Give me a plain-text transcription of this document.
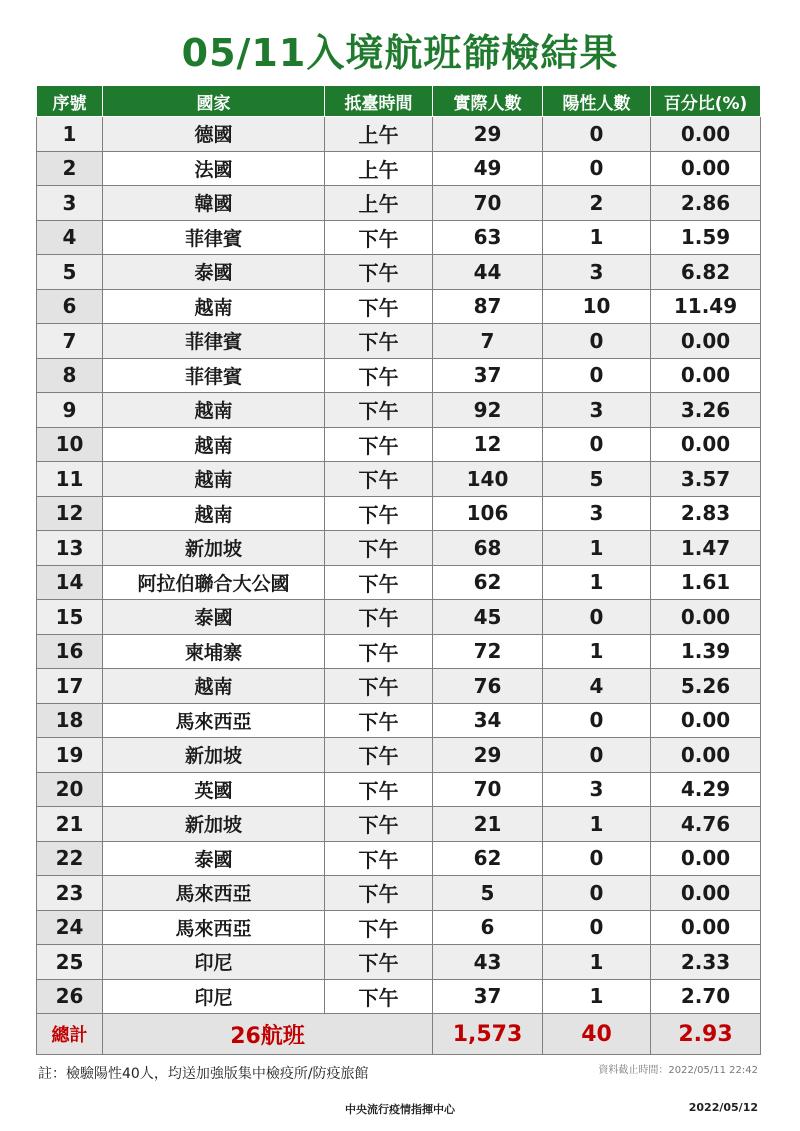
05/11入境航班篩檢結果
序號	國家	抵臺時間	實際人數	陽性人數	百分比(%)
1	德國	上午	29	0	0.00
2	法國	上午	49	0	0.00
3	韓國	上午	70	2	2.86
4	菲律賓	下午	63	1	1.59
5	泰國	下午	44	3	6.82
6	越南	下午	87	10	11.49
7	菲律賓	下午	7	0	0.00
8	菲律賓	下午	37	0	0.00
9	越南	下午	92	3	3.26
10	越南	下午	12	0	0.00
11	越南	下午	140	5	3.57
12	越南	下午	106	3	2.83
13	新加坡	下午	68	1	1.47
14	阿拉伯聯合大公國	下午	62	1	1.61
15	泰國	下午	45	0	0.00
16	柬埔寨	下午	72	1	1.39
17	越南	下午	76	4	5.26
18	馬來西亞	下午	34	0	0.00
19	新加坡	下午	29	0	0.00
20	英國	下午	70	3	4.29
21	新加坡	下午	21	1	4.76
22	泰國	下午	62	0	0.00
23	馬來西亞	下午	5	0	0.00
24	馬來西亞	下午	6	0	0.00
25	印尼	下午	43	1	2.33
26	印尼	下午	37	1	2.70
總計	26航班		1,573	40	2.93
註：檢驗陽性40人，均送加強版集中檢疫所/防疫旅館	資料截止時間：2022/05/11 22:42
中央流行疫情指揮中心	2022/05/12
